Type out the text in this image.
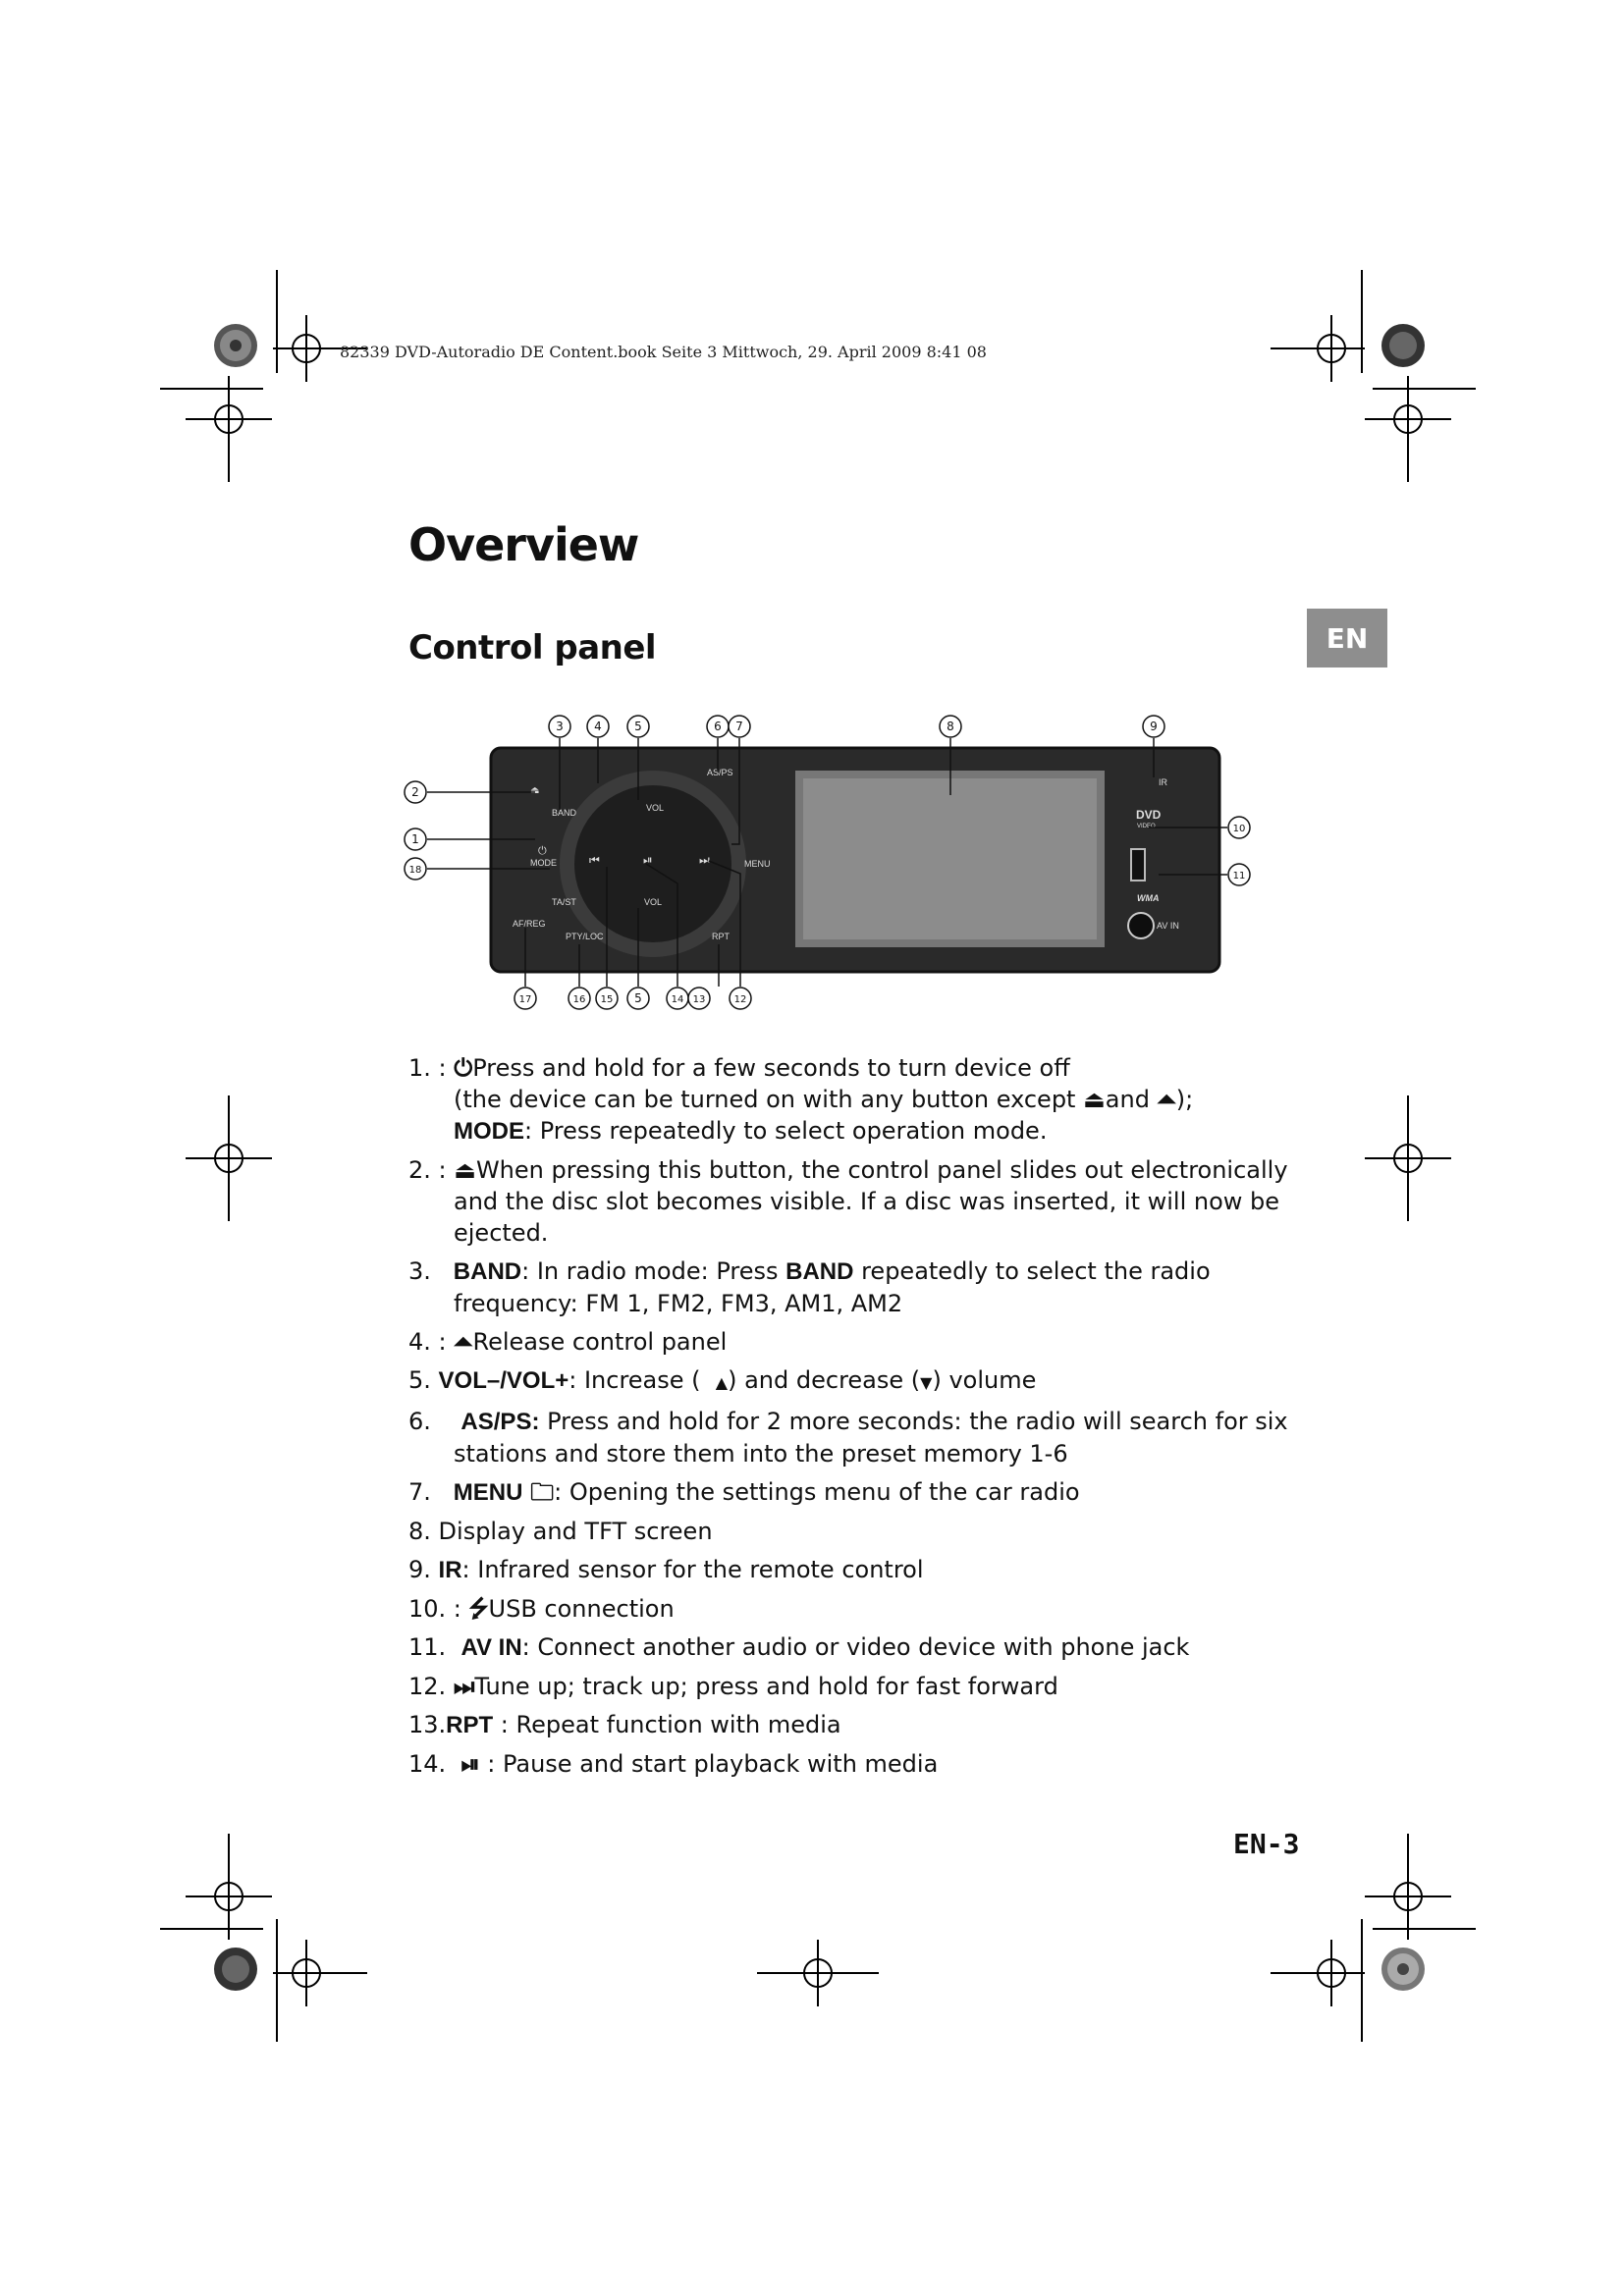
82339 DVD-Autoradio DE Content.book Seite 3 Mittwoch, 29. April 2009 8:41 08
Overview
Control panel	EN
BAND	VOL
AS/PS
IR
MODE	MENU
TA/ST	VOL
AF/REG
PTY/LOC	RPT
AV IN
DVD
VIDEO
WMA
⏮	⏯	⏭
⏏
⏻
3	4	5	6 7	8	9
2
1
18
10
11
17	16 15 5	14 13	12
1. : ⏻Press and hold for a few seconds to turn device off
(the device can be turned on with any button except ⏏and ⏶);
MODE: Press repeatedly to select operation mode.
2. : ⏏When pressing this button, the control panel slides out electronically
and the disc slot becomes visible. If a disc was inserted, it will now be
ejected.
3. BAND: In radio mode: Press BAND repeatedly to select the radio
frequency: FM 1, FM2, FM3, AM1, AM2
4. : ⏶Release control panel
5. VOL–/VOL+: Increase ( ▲) and decrease (▼) volume
6. AS/PS: Press and hold for 2 more seconds: the radio will search for six
stations and store them into the preset memory 1-6
7. MENU 🗀: Opening the settings menu of the car radio
8. Display and TFT screen
9. IR: Infrared sensor for the remote control
10. : ⭍USB connection
11. AV IN: Connect another audio or video device with phone jack
12. ⏭Tune up; track up; press and hold for fast forward
13.RPT : Repeat function with media
14. ⏯ : Pause and start playback with media
EN-3
